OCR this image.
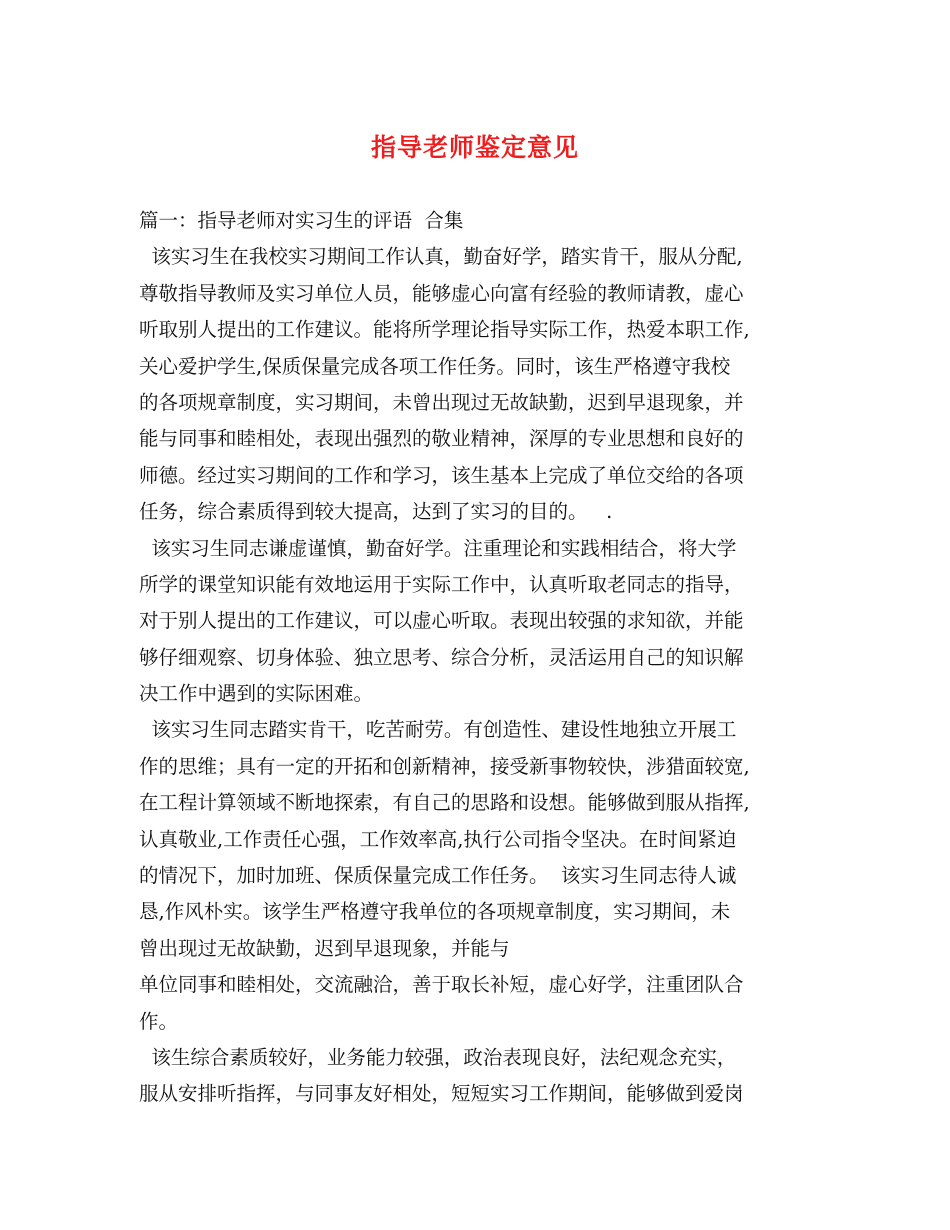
指导老师鉴定意见
篇一：指导老师对实习生的评语  合集
该实习生在我校实习期间工作认真，勤奋好学，踏实肯干，服从分配,
尊敬指导教师及实习单位人员，能够虚心向富有经验的教师请教，虚心
听取别人提出的工作建议。能将所学理论指导实际工作，热爱本职工作,
关心爱护学生,保质保量完成各项工作任务。同时，该生严格遵守我校
的各项规章制度，实习期间，未曾出现过无故缺勤，迟到早退现象，并
能与同事和睦相处，表现出强烈的敬业精神，深厚的专业思想和良好的
师德。经过实习期间的工作和学习，该生基本上完成了单位交给的各项
任务，综合素质得到较大提高，达到了实习的目的。   .
该实习生同志谦虚谨慎，勤奋好学。注重理论和实践相结合，将大学
所学的课堂知识能有效地运用于实际工作中，认真听取老同志的指导，
对于别人提出的工作建议，可以虚心听取。表现出较强的求知欲，并能
够仔细观察、切身体验、独立思考、综合分析，灵活运用自己的知识解
决工作中遇到的实际困难。
该实习生同志踏实肯干，吃苦耐劳。有创造性、建设性地独立开展工
作的思维；具有一定的开拓和创新精神，接受新事物较快，涉猎面较宽,
在工程计算领域不断地探索，有自己的思路和设想。能够做到服从指挥,
认真敬业,工作责任心强，工作效率高,执行公司指令坚决。在时间紧迫
的情况下，加时加班、保质保量完成工作任务。  该实习生同志待人诚
恳,作风朴实。该学生严格遵守我单位的各项规章制度，实习期间，未
曾出现过无故缺勤，迟到早退现象，并能与
单位同事和睦相处，交流融洽，善于取长补短，虚心好学，注重团队合
作。
该生综合素质较好，业务能力较强，政治表现良好，法纪观念充实，
服从安排听指挥，与同事友好相处，短短实习工作期间，能够做到爱岗
